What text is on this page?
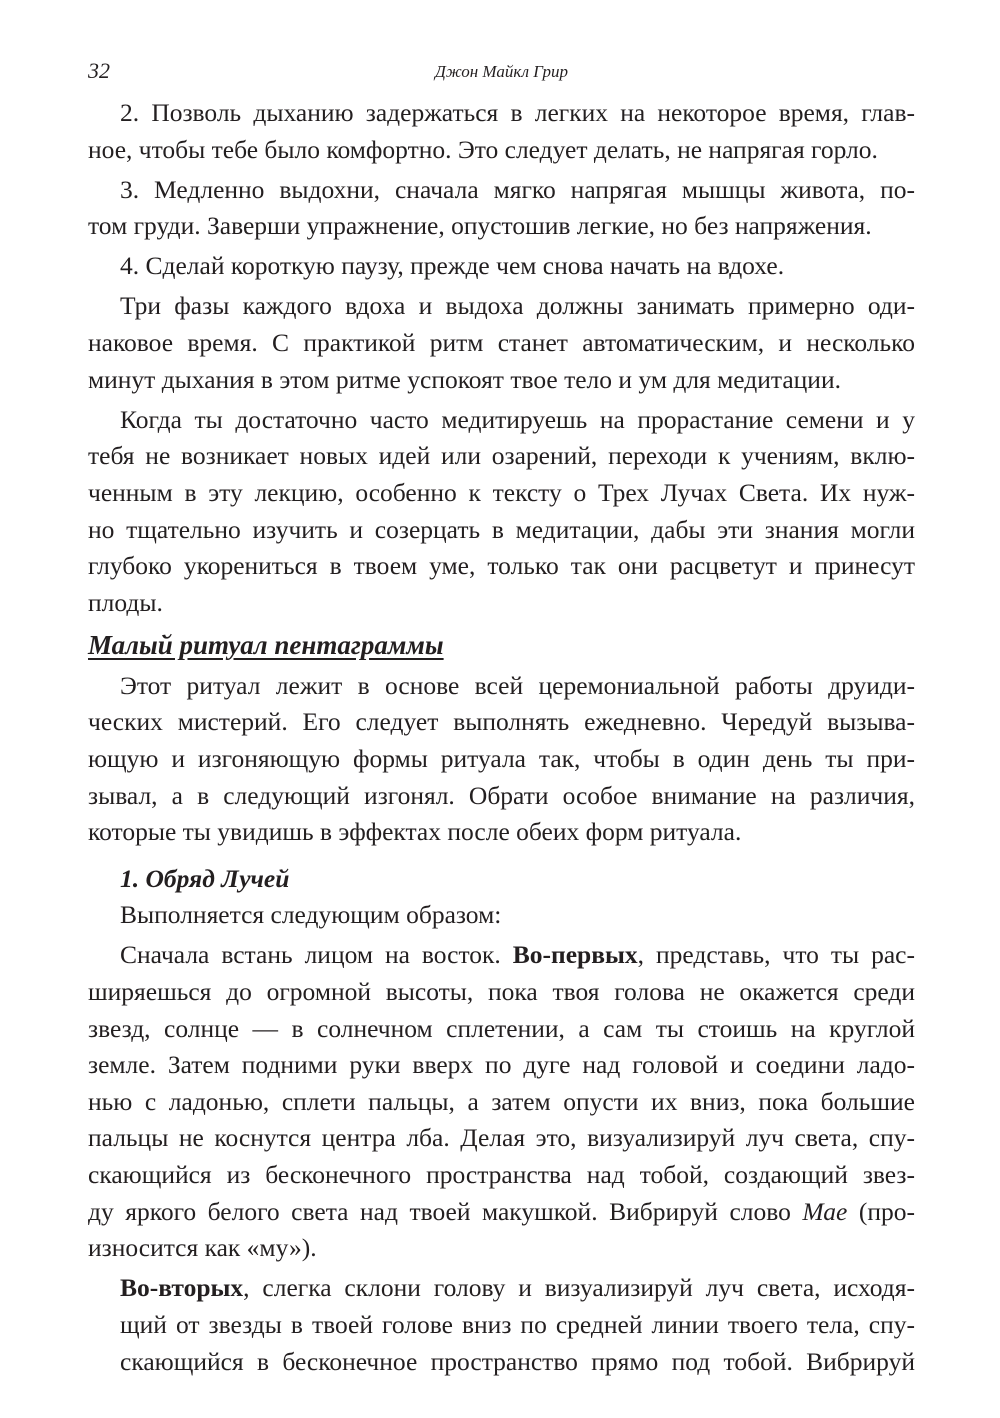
32	Джон Майкл Грир
2. Позволь дыханию задержаться в легких на некоторое время, глав-
ное, чтобы тебе было комфортно. Это следует делать, не напрягая горло.
3. Медленно выдохни, сначала мягко напрягая мышцы живота, по-
том груди. Заверши упражнение, опустошив легкие, но без напряжения.
4. Сделай короткую паузу, прежде чем снова начать на вдохе.
Три фазы каждого вдоха и выдоха должны занимать примерно оди-
наковое время. С практикой ритм станет автоматическим, и несколько
минут дыхания в этом ритме успокоят твое тело и ум для медитации.
Когда ты достаточно часто медитируешь на прорастание семени и у
тебя не возникает новых идей или озарений, переходи к учениям, вклю-
ченным в эту лекцию, особенно к тексту о Трех Лучах Света. Их нуж-
но тщательно изучить и созерцать в медитации, дабы эти знания могли
глубоко укорениться в твоем уме, только так они расцветут и принесут
плоды.
Малый ритуал пентаграммы
Этот ритуал лежит в основе всей церемониальной работы друиди-
ческих мистерий. Его следует выполнять ежедневно. Чередуй вызыва-
ющую и изгоняющую формы ритуала так, чтобы в один день ты при-
зывал, а в следующий изгонял. Обрати особое внимание на различия,
которые ты увидишь в эффектах после обеих форм ритуала.
1. Обряд Лучей
Выполняется следующим образом:
Сначала встань лицом на восток. Во-первых, представь, что ты рас-
ширяешься до огромной высоты, пока твоя голова не окажется среди
звезд, солнце — в солнечном сплетении, а сам ты стоишь на круглой
земле. Затем подними руки вверх по дуге над головой и соедини ладо-
нью с ладонью, сплети пальцы, а затем опусти их вниз, пока большие
пальцы не коснутся центра лба. Делая это, визуализируй луч света, спу-
скающийся из бесконечного пространства над тобой, создающий звез-
ду яркого белого света над твоей макушкой. Вибрируй слово Мае (про-
износится как «му»).
Во-вторых, слегка склони голову и визуализируй луч света, исходя-
щий от звезды в твоей голове вниз по средней линии твоего тела, спу-
скающийся в бесконечное пространство прямо под тобой. Вибрируй
